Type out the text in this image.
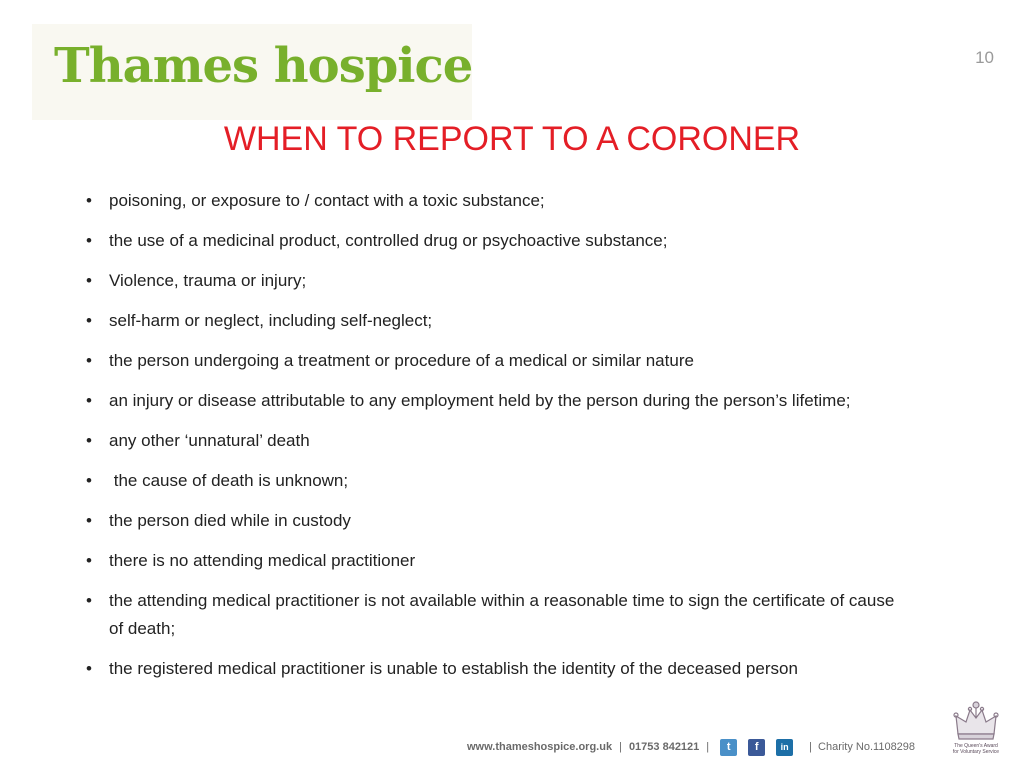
Thames hospice	10
WHEN TO REPORT TO A CORONER
•	poisoning, or exposure to / contact with a toxic substance;
•	the use of a medicinal product, controlled drug or psychoactive substance;
•	Violence, trauma or injury;
•	self-harm or neglect, including self-neglect;
•	the person undergoing a treatment or procedure of a medical or similar nature
•	an injury or disease attributable to any employment held by the person during the person’s lifetime;
•	any other ‘unnatural’ death
•	the cause of death is unknown;
•	the person died while in custody
•	there is no attending medical practitioner
•	the attending medical practitioner is not available within a reasonable time to sign the certificate of cause of death;
•	the registered medical practitioner is unable to establish the identity of the deceased person
www.thameshospice.org.uk | 01753 842121 |	t	f	in	| Charity No.1108298	The Queen's Award
for Voluntary Service
